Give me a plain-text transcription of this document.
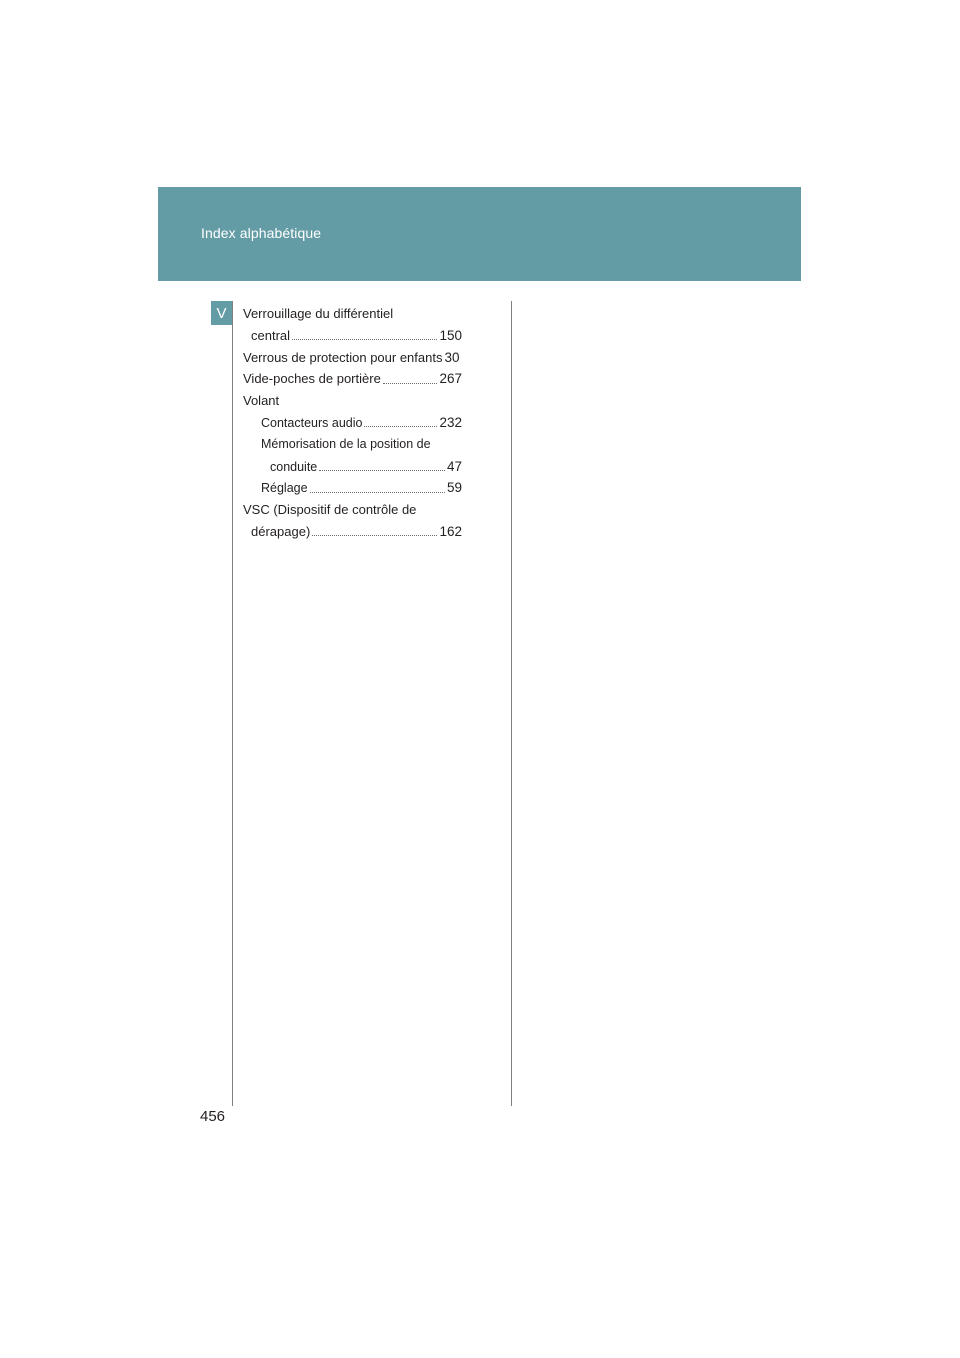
Index alphabétique
V	Verrouillage du différentiel
central	150
Verrous de protection pour enfants 30
Vide-poches de portière	267
Volant
Contacteurs audio	232
Mémorisation de la position de
conduite	47
Réglage	59
VSC (Dispositif de contrôle de
dérapage)	162
456
